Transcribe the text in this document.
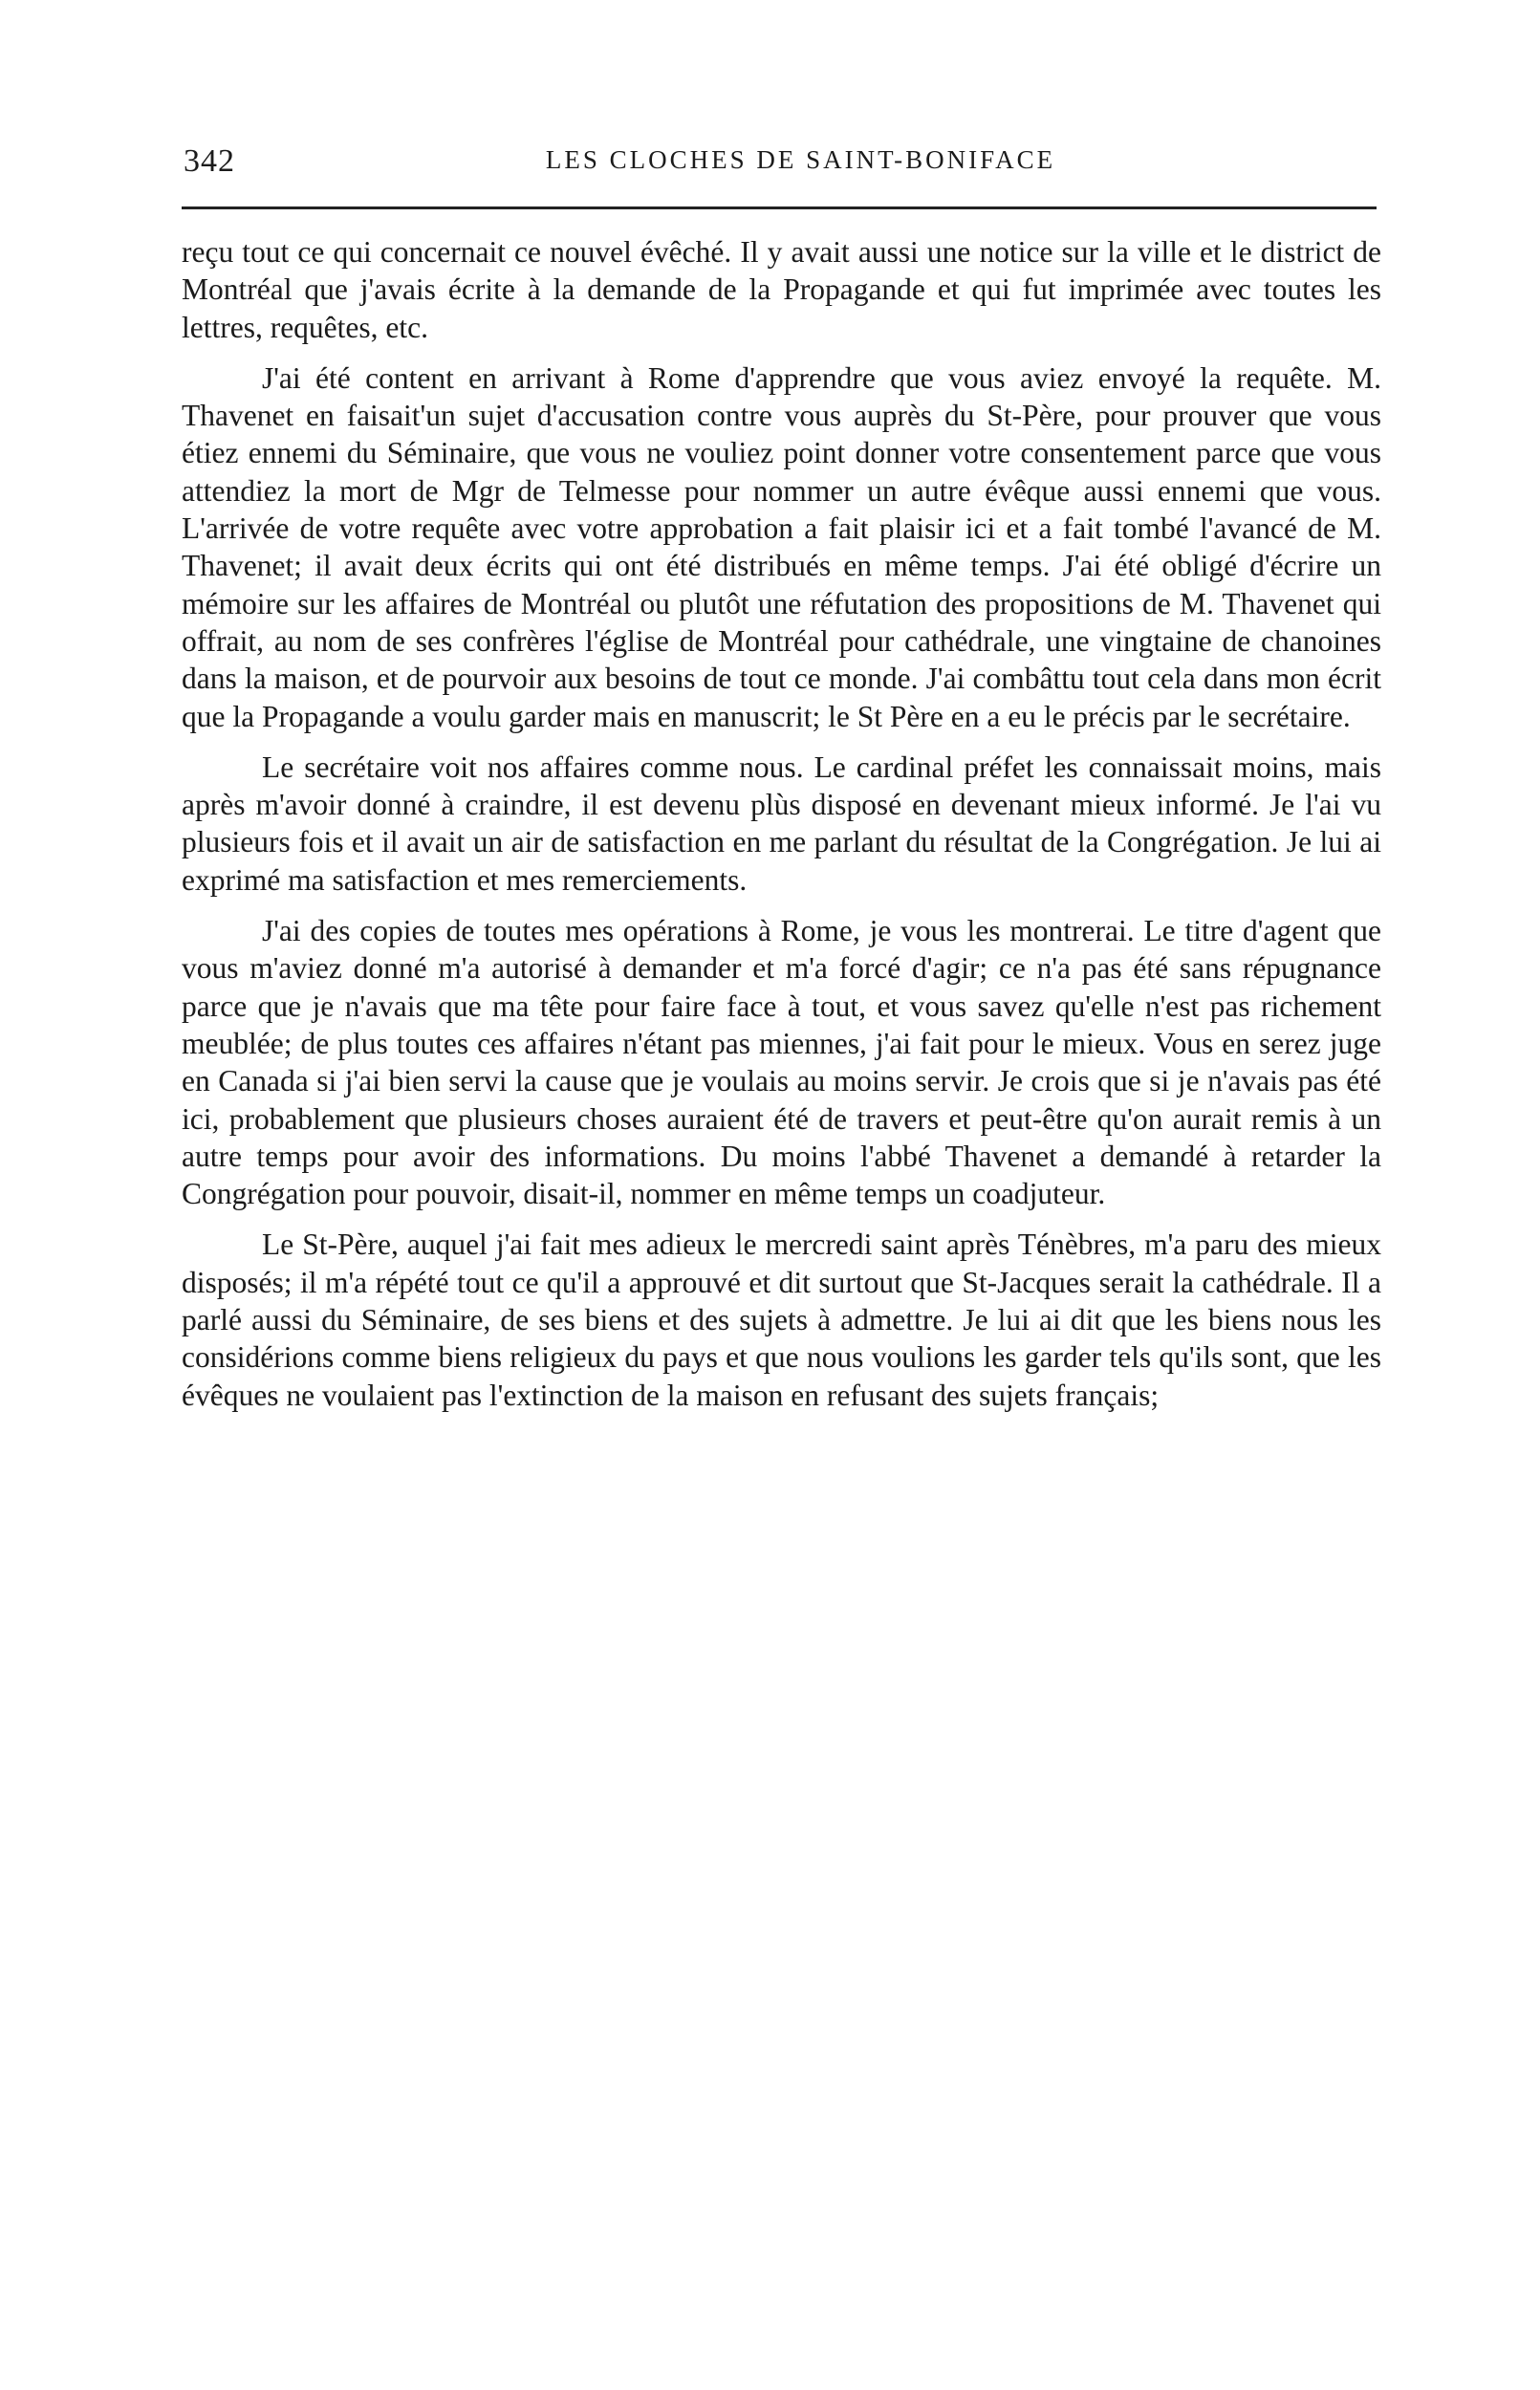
342	LES CLOCHES DE SAINT-BONIFACE

reçu tout ce qui concernait ce nouvel évêché. Il y avait aussi une notice sur la ville et le district de Montréal que j'avais écrite à la demande de la Propagande et qui fut imprimée avec toutes les lettres, requêtes, etc.

J'ai été content en arrivant à Rome d'apprendre que vous aviez envoyé la requête. M. Thavenet en faisait'un sujet d'accusation contre vous auprès du St-Père, pour prouver que vous étiez ennemi du Séminaire, que vous ne vouliez point donner votre consentement parce que vous attendiez la mort de Mgr de Telmesse pour nommer un autre évêque aussi ennemi que vous. L'arrivée de votre requête avec votre approbation a fait plaisir ici et a fait tombé l'avancé de M. Thavenet; il avait deux écrits qui ont été distribués en même temps. J'ai été obligé d'écrire un mémoire sur les affaires de Montréal ou plutôt une réfutation des propositions de M. Thavenet qui offrait, au nom de ses confrères l'église de Montréal pour cathédrale, une vingtaine de chanoines dans la maison, et de pourvoir aux besoins de tout ce monde. J'ai combâttu tout cela dans mon écrit que la Propagande a voulu garder mais en manuscrit; le St Père en a eu le précis par le secrétaire.

Le secrétaire voit nos affaires comme nous. Le cardinal préfet les connaissait moins, mais après m'avoir donné à craindre, il est devenu plùs disposé en devenant mieux informé. Je l'ai vu plusieurs fois et il avait un air de satisfaction en me parlant du résultat de la Congrégation. Je lui ai exprimé ma satisfaction et mes remerciements.

J'ai des copies de toutes mes opérations à Rome, je vous les montrerai. Le titre d'agent que vous m'aviez donné m'a autorisé à demander et m'a forcé d'agir; ce n'a pas été sans répugnance parce que je n'avais que ma tête pour faire face à tout, et vous savez qu'elle n'est pas richement meublée; de plus toutes ces affaires n'étant pas miennes, j'ai fait pour le mieux. Vous en serez juge en Canada si j'ai bien servi la cause que je voulais au moins servir. Je crois que si je n'avais pas été ici, probablement que plusieurs choses auraient été de travers et peut-être qu'on aurait remis à un autre temps pour avoir des informations. Du moins l'abbé Thavenet a demandé à retarder la Congrégation pour pouvoir, disait-il, nommer en même temps un coadjuteur.

Le St-Père, auquel j'ai fait mes adieux le mercredi saint après Ténèbres, m'a paru des mieux disposés; il m'a répété tout ce qu'il a approuvé et dit surtout que St-Jacques serait la cathédrale. Il a parlé aussi du Séminaire, de ses biens et des sujets à admettre. Je lui ai dit que les biens nous les considérions comme biens religieux du pays et que nous voulions les garder tels qu'ils sont, que les évêques ne voulaient pas l'extinction de la maison en refusant des sujets français;
